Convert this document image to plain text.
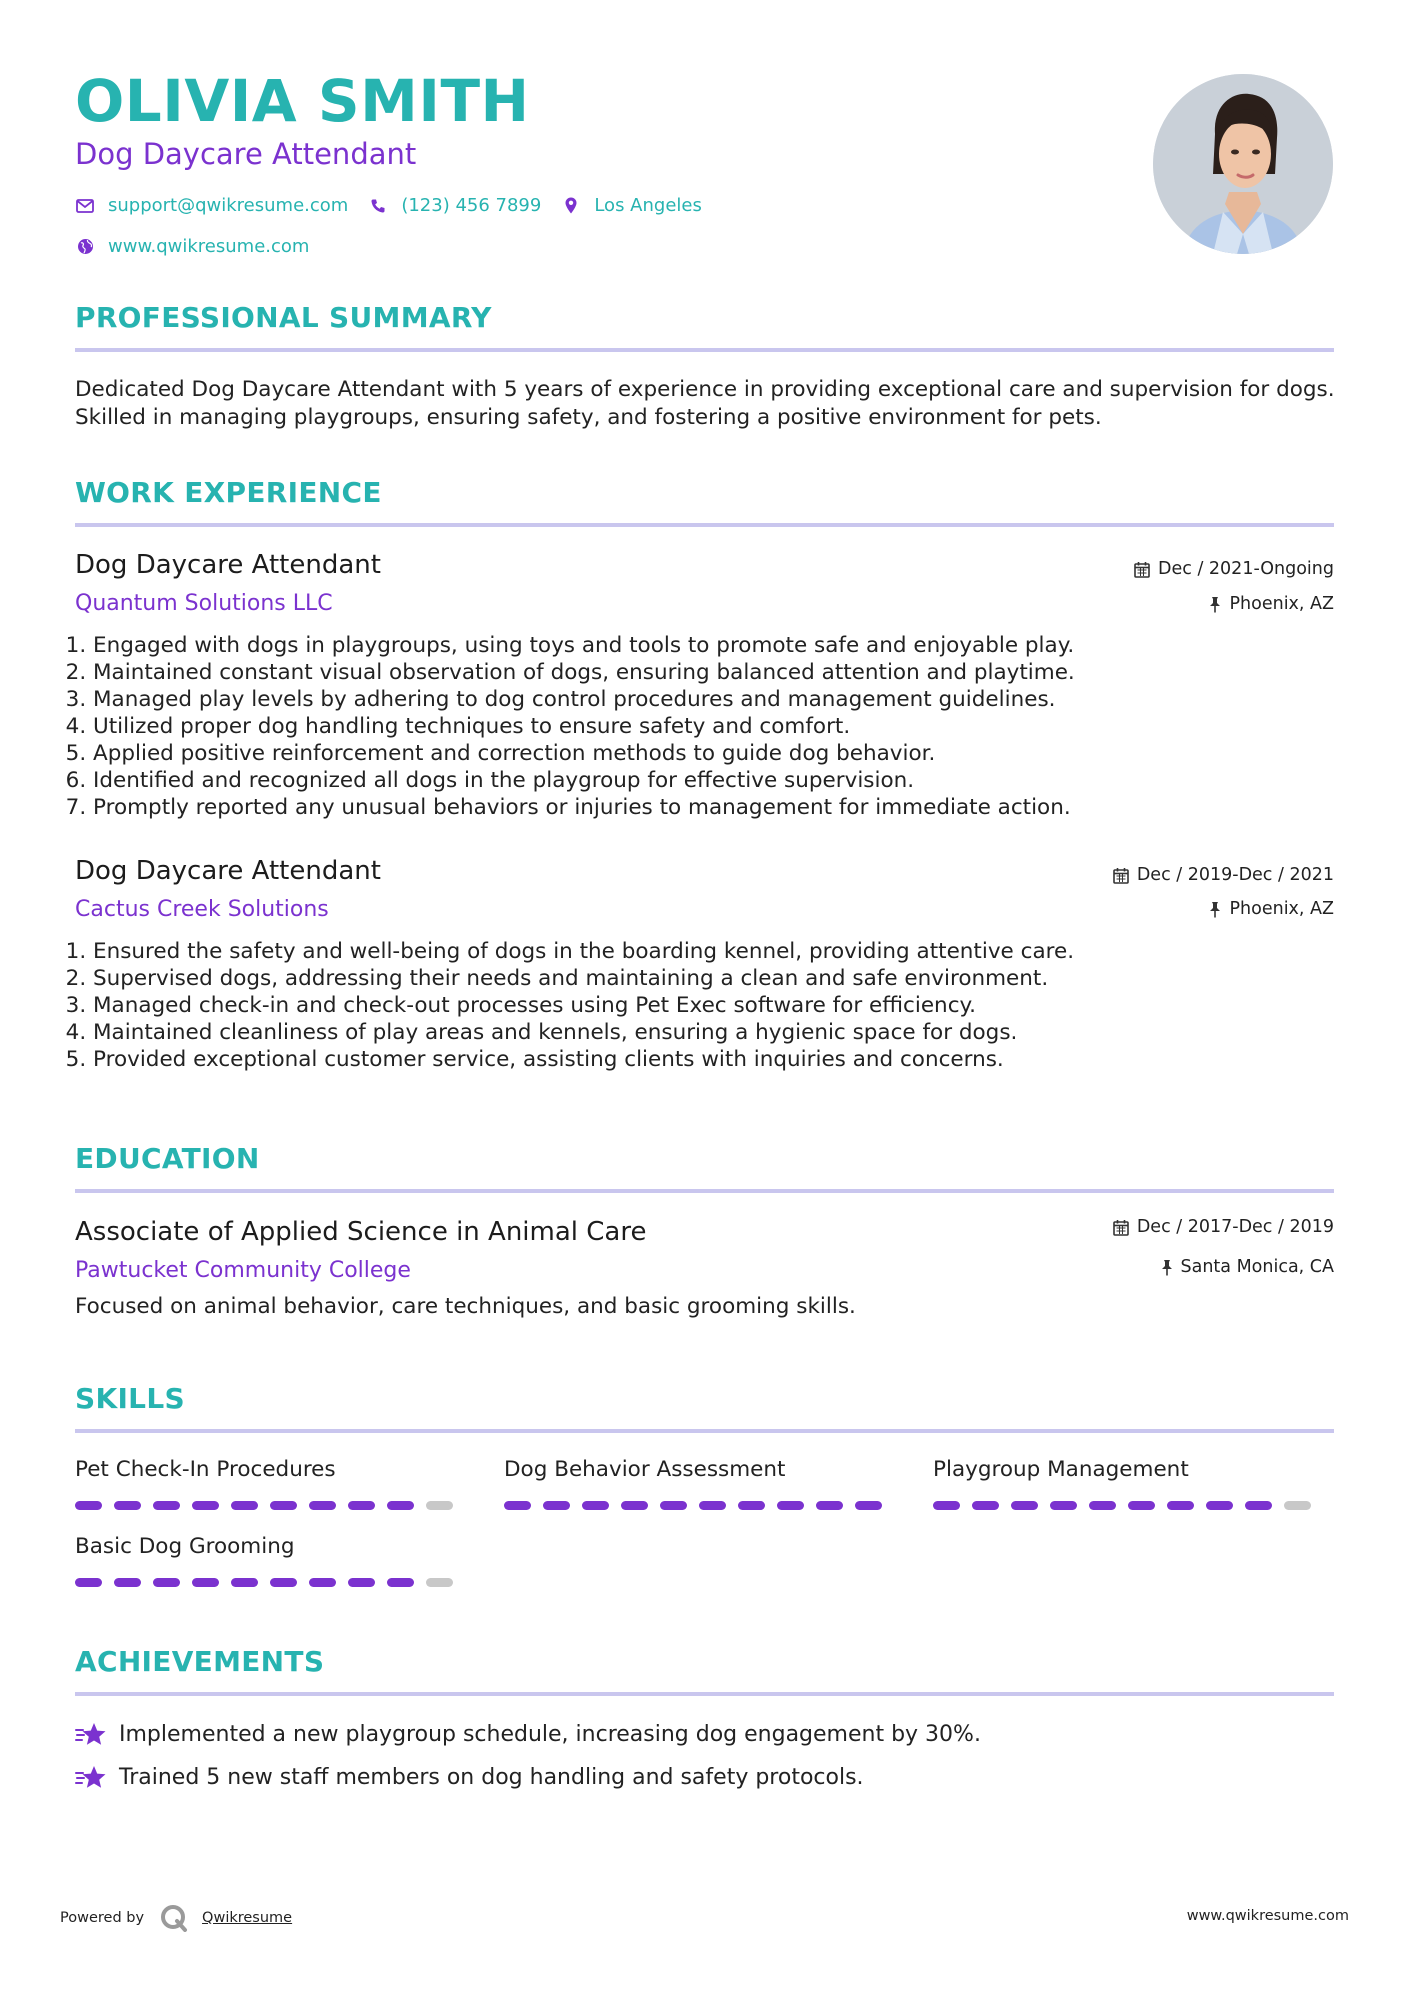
OLIVIA SMITH
Dog Daycare Attendant
support@qwikresume.com	(123) 456 7899	Los Angeles
www.qwikresume.com
PROFESSIONAL SUMMARY

Dedicated Dog Daycare Attendant with 5 years of experience in providing exceptional care and supervision for dogs. Skilled in managing playgroups, ensuring safety, and fostering a positive environment for pets.

WORK EXPERIENCE
Dog Daycare Attendant
Quantum Solutions LLC
Dec / 2021-Ongoing
Phoenix, AZ
1. Engaged with dogs in playgroups, using toys and tools to promote safe and enjoyable play.
2. Maintained constant visual observation of dogs, ensuring balanced attention and playtime.
3. Managed play levels by adhering to dog control procedures and management guidelines.
4. Utilized proper dog handling techniques to ensure safety and comfort.
5. Applied positive reinforcement and correction methods to guide dog behavior.
6. Identified and recognized all dogs in the playgroup for effective supervision.
7. Promptly reported any unusual behaviors or injuries to management for immediate action.
Dog Daycare Attendant
Cactus Creek Solutions
Dec / 2019-Dec / 2021
Phoenix, AZ
1. Ensured the safety and well-being of dogs in the boarding kennel, providing attentive care.
2. Supervised dogs, addressing their needs and maintaining a clean and safe environment.
3. Managed check-in and check-out processes using Pet Exec software for efficiency.
4. Maintained cleanliness of play areas and kennels, ensuring a hygienic space for dogs.
5. Provided exceptional customer service, assisting clients with inquiries and concerns.
EDUCATION
Associate of Applied Science in Animal Care
Pawtucket Community College
Dec / 2017-Dec / 2019
Santa Monica, CA
Focused on animal behavior, care techniques, and basic grooming skills.
SKILLS
Pet Check-In Procedures	Dog Behavior Assessment	Playgroup Management
Basic Dog Grooming
ACHIEVEMENTS
Implemented a new playgroup schedule, increasing dog engagement by 30%.
Trained 5 new staff members on dog handling and safety protocols.
Powered by	Qwikresume	www.qwikresume.com
